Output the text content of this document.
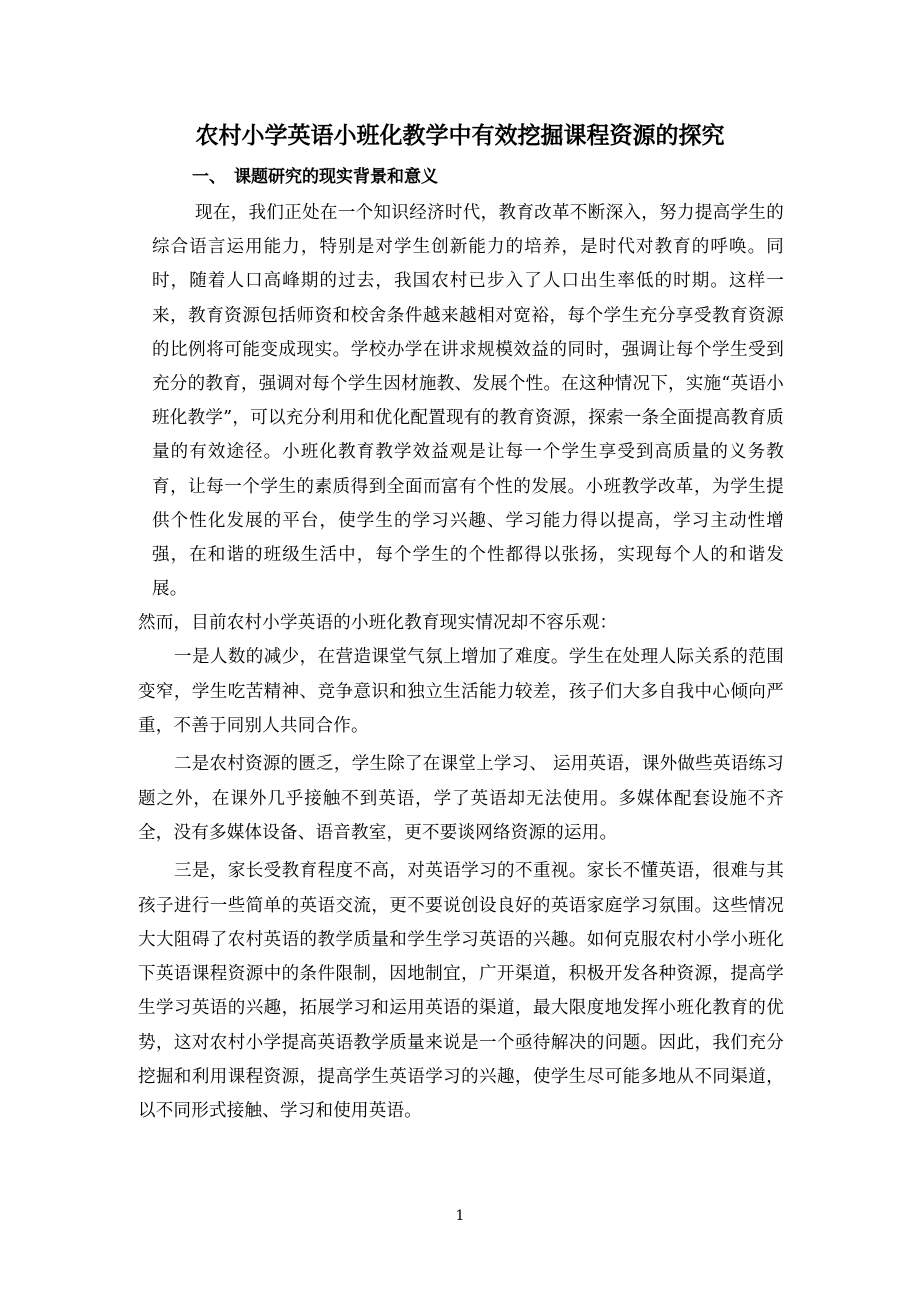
农村小学英语小班化教学中有效挖掘课程资源的探究
一、 课题研究的现实背景和意义

现在，我们正处在一个知识经济时代，教育改革不断深入，努力提高学生的综合语言运用能力，特别是对学生创新能力的培养，是时代对教育的呼唤。同时，随着人口高峰期的过去，我国农村已步入了人口出生率低的时期。这样一来，教育资源包括师资和校舍条件越来越相对宽裕，每个学生充分享受教育资源的比例将可能变成现实。学校办学在讲求规模效益的同时，强调让每个学生受到充分的教育，强调对每个学生因材施教、发展个性。在这种情况下，实施“英语小班化教学”，可以充分利用和优化配置现有的教育资源，探索一条全面提高教育质量的有效途径。小班化教育教学效益观是让每一个学生享受到高质量的义务教育，让每一个学生的素质得到全面而富有个性的发展。小班教学改革，为学生提供个性化发展的平台，使学生的学习兴趣、学习能力得以提高，学习主动性增强，在和谐的班级生活中，每个学生的个性都得以张扬，实现每个人的和谐发展。

然而，目前农村小学英语的小班化教育现实情况却不容乐观：

一是人数的减少，在营造课堂气氛上增加了难度。学生在处理人际关系的范围变窄，学生吃苦精神、竞争意识和独立生活能力较差，孩子们大多自我中心倾向严重，不善于同别人共同合作。

二是农村资源的匮乏，学生除了在课堂上学习、 运用英语，课外做些英语练习题之外，在课外几乎接触不到英语，学了英语却无法使用。多媒体配套设施不齐全，没有多媒体设备、语音教室，更不要谈网络资源的运用。

三是，家长受教育程度不高，对英语学习的不重视。家长不懂英语，很难与其孩子进行一些简单的英语交流，更不要说创设良好的英语家庭学习氛围。这些情况大大阻碍了农村英语的教学质量和学生学习英语的兴趣。如何克服农村小学小班化下英语课程资源中的条件限制，因地制宜，广开渠道，积极开发各种资源，提高学生学习英语的兴趣，拓展学习和运用英语的渠道，最大限度地发挥小班化教育的优势，这对农村小学提高英语教学质量来说是一个亟待解决的问题。因此，我们充分挖掘和利用课程资源，提高学生英语学习的兴趣，使学生尽可能多地从不同渠道，以不同形式接触、学习和使用英语。

1
